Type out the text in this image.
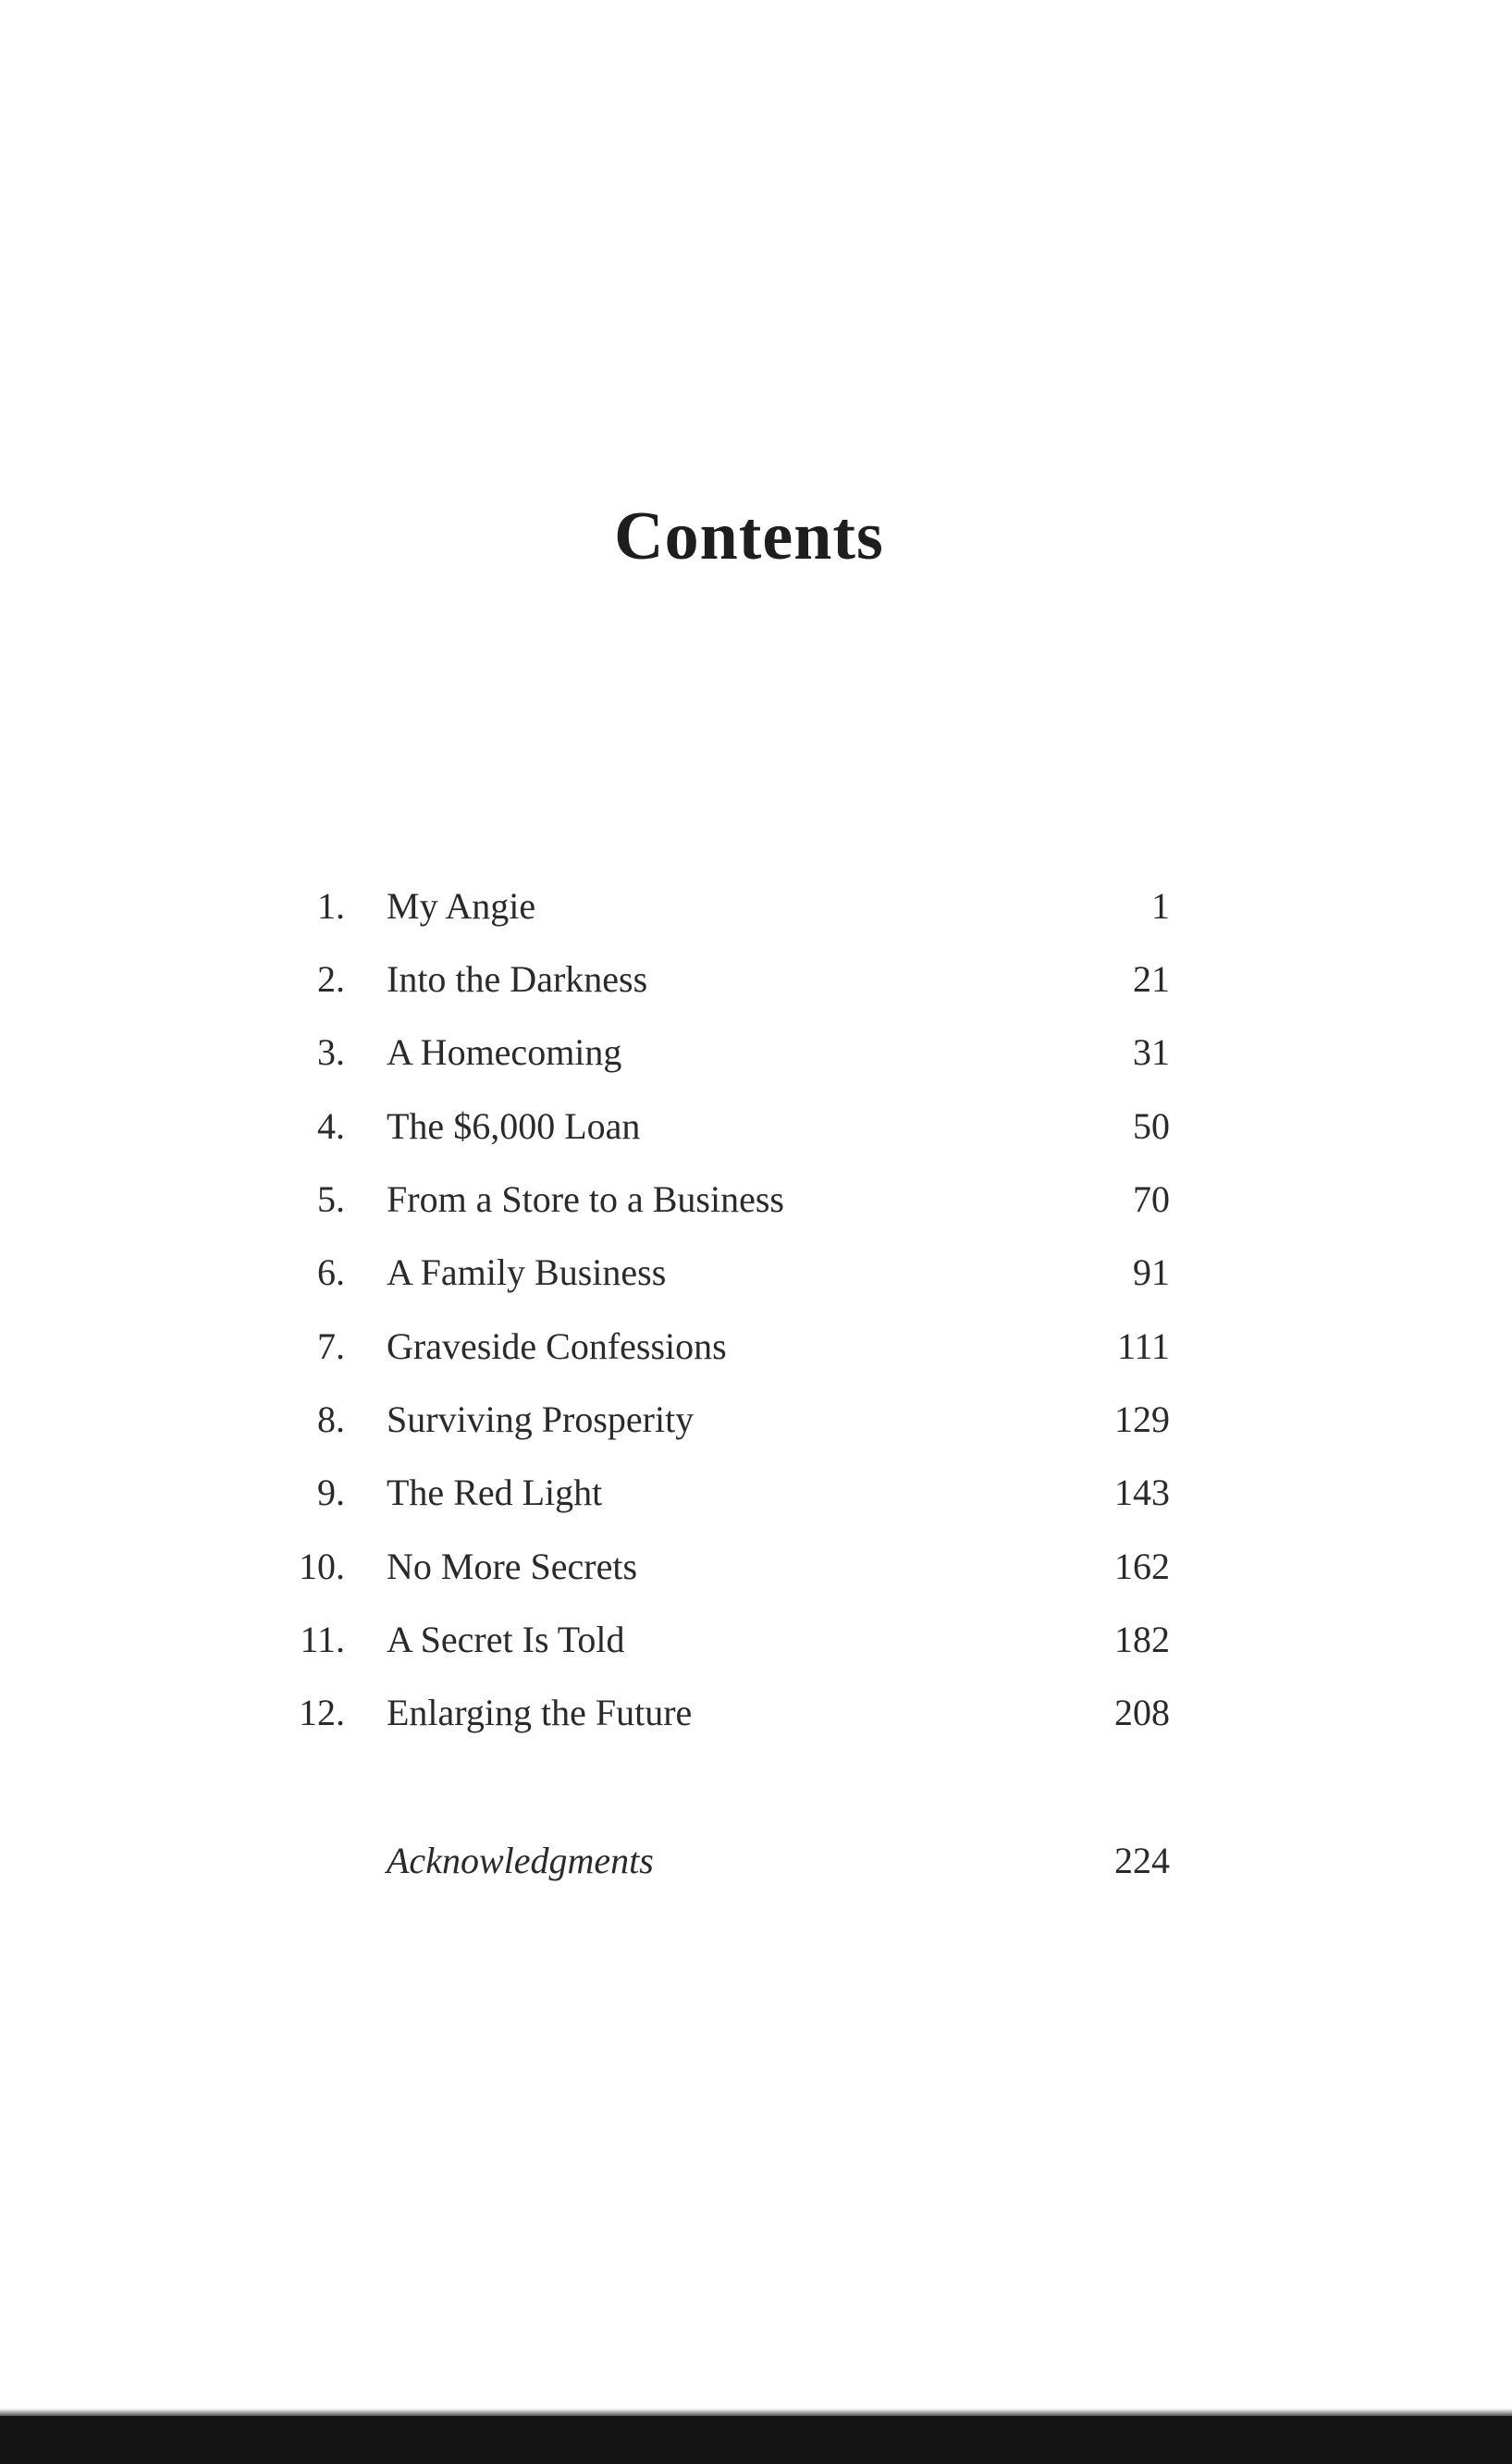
Contents
1. My Angie	1
2. Into the Darkness	21
3. A Homecoming	31
4. The $6,000 Loan	50
5. From a Store to a Business	70
6. A Family Business	91
7. Graveside Confessions	111
8. Surviving Prosperity	129
9. The Red Light	143
10. No More Secrets	162
11. A Secret Is Told	182
12. Enlarging the Future	208
Acknowledgments	224
